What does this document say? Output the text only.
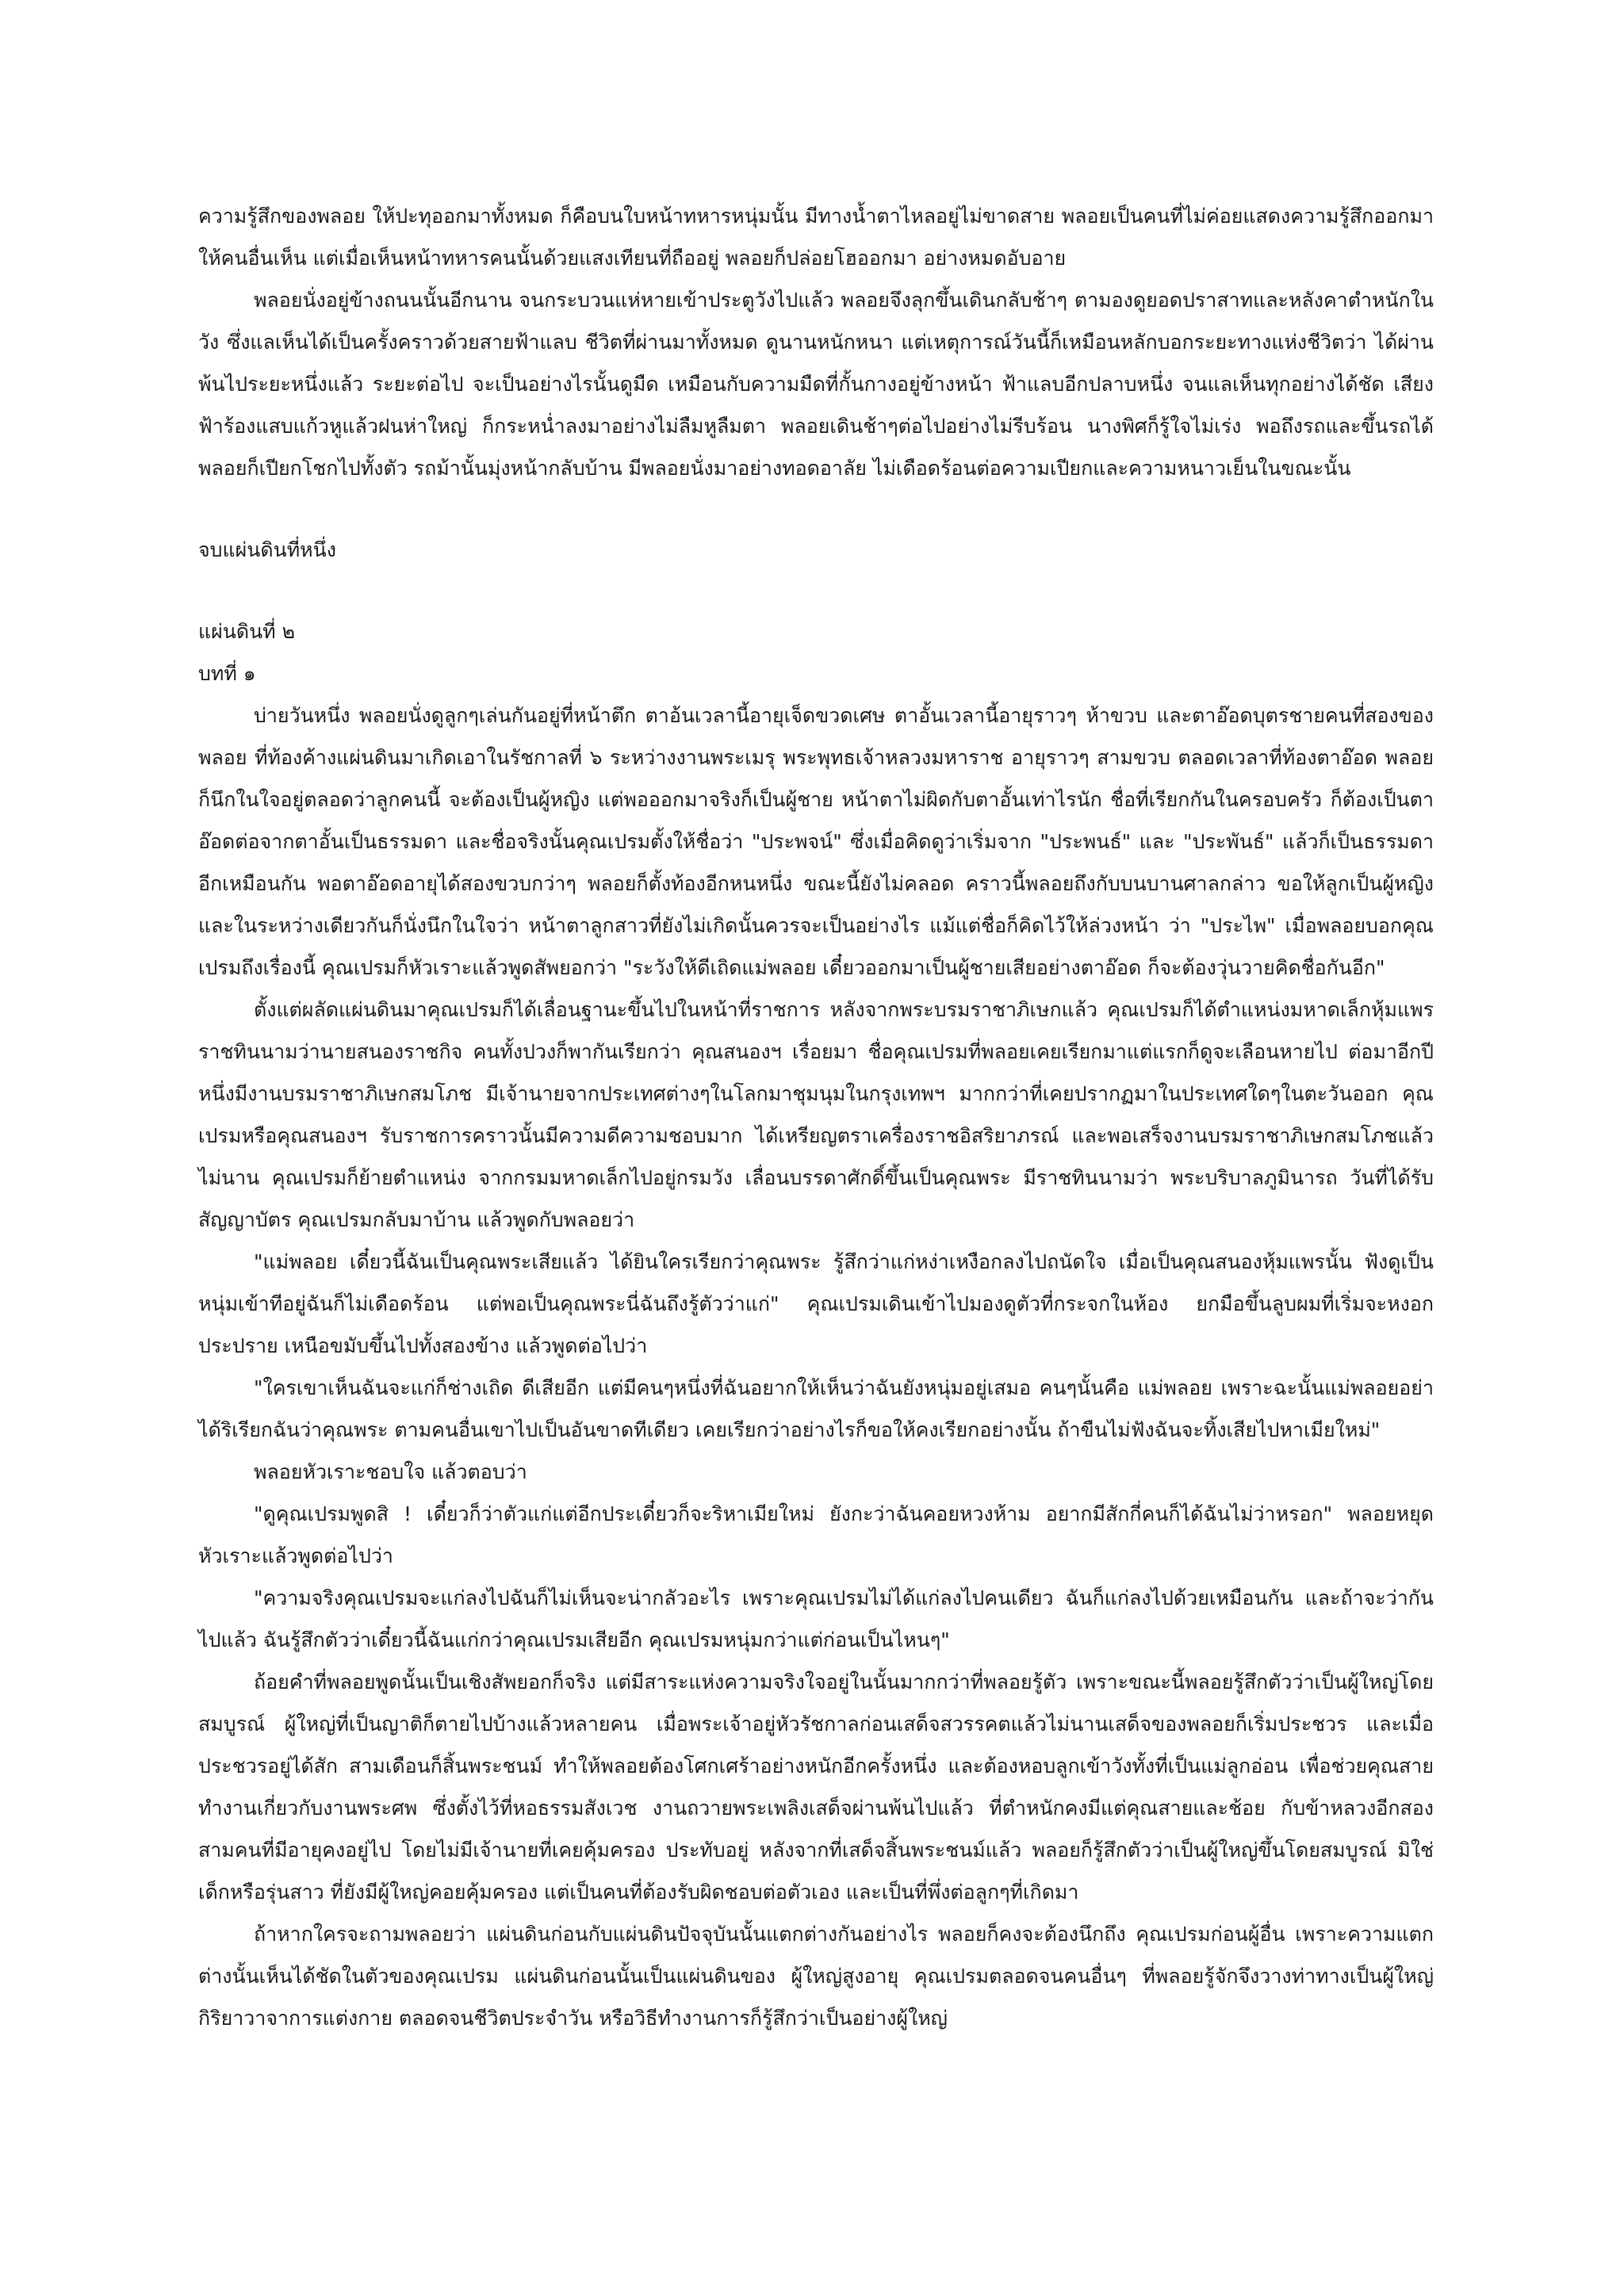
ความรู้สึกของพลอย ให้ปะทุออกมาทั้งหมด ก็คือบนใบหน้าทหารหนุ่มนั้น มีทางน้ำตาไหลอยู่ไม่ขาดสาย พลอยเป็นคนที่ไม่ค่อยแสดงความรู้สึกออกมาให้คนอื่นเห็น แต่เมื่อเห็นหน้าทหารคนนั้นด้วยแสงเทียนที่ถืออยู่ พลอยก็ปล่อยโฮออกมา อย่างหมดอับอาย

พลอยนั่งอยู่ข้างถนนนั้นอีกนาน จนกระบวนแห่หายเข้าประตูวังไปแล้ว พลอยจึงลุกขึ้นเดินกลับช้าๆ ตามองดูยอดปราสาทและหลังคาตำหนักในวัง ซึ่งแลเห็นได้เป็นครั้งคราวด้วยสายฟ้าแลบ ชีวิตที่ผ่านมาทั้งหมด ดูนานหนักหนา แต่เหตุการณ์วันนี้ก็เหมือนหลักบอกระยะทางแห่งชีวิตว่า ได้ผ่านพ้นไประยะหนึ่งแล้ว ระยะต่อไป จะเป็นอย่างไรนั้นดูมืด เหมือนกับความมืดที่กั้นกางอยู่ข้างหน้า ฟ้าแลบอีกปลาบหนึ่ง จนแลเห็นทุกอย่างได้ชัด เสียงฟ้าร้องแสบแก้วหูแล้วฝนห่าใหญ่ ก็กระหน่ำลงมาอย่างไม่ลืมหูลืมตา พลอยเดินช้าๆต่อไปอย่างไม่รีบร้อน นางพิศก็รู้ใจไม่เร่ง พอถึงรถและขึ้นรถได้ พลอยก็เปียกโชกไปทั้งตัว รถม้านั้นมุ่งหน้ากลับบ้าน มีพลอยนั่งมาอย่างทอดอาลัย ไม่เดือดร้อนต่อความเปียกและความหนาวเย็นในขณะนั้น

จบแผ่นดินที่หนึ่ง

แผ่นดินที่ ๒

บทที่ ๑

บ่ายวันหนึ่ง พลอยนั่งดูลูกๆเล่นกันอยู่ที่หน้าตึก ตาอ้นเวลานี้อายุเจ็ดขวดเศษ ตาอั้นเวลานี้อายุราวๆ ห้าขวบ และตาอ๊อดบุตรชายคนที่สองของพลอย ที่ท้องค้างแผ่นดินมาเกิดเอาในรัชกาลที่ ๖ ระหว่างงานพระเมรุ พระพุทธเจ้าหลวงมหาราช อายุราวๆ สามขวบ ตลอดเวลาที่ท้องตาอ๊อด พลอยก็นึกในใจอยู่ตลอดว่าลูกคนนี้ จะต้องเป็นผู้หญิง แต่พอออกมาจริงก็เป็นผู้ชาย หน้าตาไม่ผิดกับตาอั้นเท่าไรนัก ชื่อที่เรียกกันในครอบครัว ก็ต้องเป็นตาอ๊อดต่อจากตาอั้นเป็นธรรมดา และชื่อจริงนั้นคุณเปรมตั้งให้ชื่อว่า "ประพจน์" ซึ่งเมื่อคิดดูว่าเริ่มจาก "ประพนธ์" และ "ประพันธ์" แล้วก็เป็นธรรมดาอีกเหมือนกัน พอตาอ๊อดอายุได้สองขวบกว่าๆ พลอยก็ตั้งท้องอีกหนหนึ่ง ขณะนี้ยังไม่คลอด คราวนี้พลอยถึงกับบนบานศาลกล่าว ขอให้ลูกเป็นผู้หญิง และในระหว่างเดียวกันก็นั่งนึกในใจว่า หน้าตาลูกสาวที่ยังไม่เกิดนั้นควรจะเป็นอย่างไร แม้แต่ชื่อก็คิดไว้ให้ล่วงหน้า ว่า "ประไพ" เมื่อพลอยบอกคุณเปรมถึงเรื่องนี้ คุณเปรมก็หัวเราะแล้วพูดสัพยอกว่า "ระวังให้ดีเถิดแม่พลอย เดี๋ยวออกมาเป็นผู้ชายเสียอย่างตาอ๊อด ก็จะต้องวุ่นวายคิดชื่อกันอีก"

ตั้งแต่ผลัดแผ่นดินมาคุณเปรมก็ได้เลื่อนฐานะขึ้นไปในหน้าที่ราชการ หลังจากพระบรมราชาภิเษกแล้ว คุณเปรมก็ได้ตำแหน่งมหาดเล็กหุ้มแพร ราชทินนามว่านายสนองราชกิจ คนทั้งปวงก็พากันเรียกว่า คุณสนองฯ เรื่อยมา ชื่อคุณเปรมที่พลอยเคยเรียกมาแต่แรกก็ดูจะเลือนหายไป ต่อมาอีกปีหนึ่งมีงานบรมราชาภิเษกสมโภช มีเจ้านายจากประเทศต่างๆในโลกมาชุมนุมในกรุงเทพฯ มากกว่าที่เคยปรากฏมาในประเทศใดๆในตะวันออก คุณเปรมหรือคุณสนองฯ รับราชการคราวนั้นมีความดีความชอบมาก ได้เหรียญตราเครื่องราชอิสริยาภรณ์ และพอเสร็จงานบรมราชาภิเษกสมโภชแล้วไม่นาน คุณเปรมก็ย้ายตำแหน่ง จากกรมมหาดเล็กไปอยู่กรมวัง เลื่อนบรรดาศักดิ์ขึ้นเป็นคุณพระ มีราชทินนามว่า พระบริบาลภูมินารถ วันที่ได้รับสัญญาบัตร คุณเปรมกลับมาบ้าน แล้วพูดกับพลอยว่า

"แม่พลอย เดี๋ยวนี้ฉันเป็นคุณพระเสียแล้ว ได้ยินใครเรียกว่าคุณพระ รู้สึกว่าแก่หง่าเหงือกลงไปถนัดใจ เมื่อเป็นคุณสนองหุ้มแพรนั้น ฟังดูเป็นหนุ่มเข้าทีอยู่ฉันก็ไม่เดือดร้อน แต่พอเป็นคุณพระนี่ฉันถึงรู้ตัวว่าแก่" คุณเปรมเดินเข้าไปมองดูตัวที่กระจกในห้อง ยกมือขึ้นลูบผมที่เริ่มจะหงอกประปราย เหนือขมับขึ้นไปทั้งสองข้าง แล้วพูดต่อไปว่า

"ใครเขาเห็นฉันจะแก่ก็ช่างเถิด ดีเสียอีก แต่มีคนๆหนึ่งที่ฉันอยากให้เห็นว่าฉันยังหนุ่มอยู่เสมอ คนๆนั้นคือ แม่พลอย เพราะฉะนั้นแม่พลอยอย่าได้ริเรียกฉันว่าคุณพระ ตามคนอื่นเขาไปเป็นอันขาดทีเดียว เคยเรียกว่าอย่างไรก็ขอให้คงเรียกอย่างนั้น ถ้าขืนไม่ฟังฉันจะทิ้งเสียไปหาเมียใหม่"

พลอยหัวเราะชอบใจ แล้วตอบว่า

"ดูคุณเปรมพูดสิ ! เดี๋ยวก็ว่าตัวแก่แต่อีกประเดี๋ยวก็จะริหาเมียใหม่ ยังกะว่าฉันคอยหวงห้าม อยากมีสักกี่คนก็ได้ฉันไม่ว่าหรอก" พลอยหยุดหัวเราะแล้วพูดต่อไปว่า

"ความจริงคุณเปรมจะแก่ลงไปฉันก็ไม่เห็นจะน่ากลัวอะไร เพราะคุณเปรมไม่ได้แก่ลงไปคนเดียว ฉันก็แก่ลงไปด้วยเหมือนกัน และถ้าจะว่ากันไปแล้ว ฉันรู้สึกตัวว่าเดี๋ยวนี้ฉันแก่กว่าคุณเปรมเสียอีก คุณเปรมหนุ่มกว่าแต่ก่อนเป็นไหนๆ"

ถ้อยคำที่พลอยพูดนั้นเป็นเชิงสัพยอกก็จริง แต่มีสาระแห่งความจริงใจอยู่ในนั้นมากกว่าที่พลอยรู้ตัว เพราะขณะนี้พลอยรู้สึกตัวว่าเป็นผู้ใหญ่โดยสมบูรณ์ ผู้ใหญ่ที่เป็นญาติก็ตายไปบ้างแล้วหลายคน เมื่อพระเจ้าอยู่หัวรัชกาลก่อนเสด็จสวรรคตแล้วไม่นานเสด็จของพลอยก็เริ่มประชวร และเมื่อประชวรอยู่ได้สัก สามเดือนก็สิ้นพระชนม์ ทำให้พลอยต้องโศกเศร้าอย่างหนักอีกครั้งหนึ่ง และต้องหอบลูกเข้าวังทั้งที่เป็นแม่ลูกอ่อน เพื่อช่วยคุณสายทำงานเกี่ยวกับงานพระศพ ซึ่งตั้งไว้ที่หอธรรมสังเวช งานถวายพระเพลิงเสด็จผ่านพ้นไปแล้ว ที่ตำหนักคงมีแต่คุณสายและช้อย กับข้าหลวงอีกสองสามคนที่มีอายุคงอยู่ไป โดยไม่มีเจ้านายที่เคยคุ้มครอง ประทับอยู่ หลังจากที่เสด็จสิ้นพระชนม์แล้ว พลอยก็รู้สึกตัวว่าเป็นผู้ใหญ่ขึ้นโดยสมบูรณ์ มิใช่เด็กหรือรุ่นสาว ที่ยังมีผู้ใหญ่คอยคุ้มครอง แต่เป็นคนที่ต้องรับผิดชอบต่อตัวเอง และเป็นที่พึ่งต่อลูกๆที่เกิดมา

ถ้าหากใครจะถามพลอยว่า แผ่นดินก่อนกับแผ่นดินปัจจุบันนั้นแตกต่างกันอย่างไร พลอยก็คงจะต้องนึกถึง คุณเปรมก่อนผู้อื่น เพราะความแตกต่างนั้นเห็นได้ชัดในตัวของคุณเปรม แผ่นดินก่อนนั้นเป็นแผ่นดินของ ผู้ใหญ่สูงอายุ คุณเปรมตลอดจนคนอื่นๆ ที่พลอยรู้จักจึงวางท่าทางเป็นผู้ใหญ่ กิริยาวาจาการแต่งกาย ตลอดจนชีวิตประจำวัน หรือวิธีทำงานการก็รู้สึกว่าเป็นอย่างผู้ใหญ่
